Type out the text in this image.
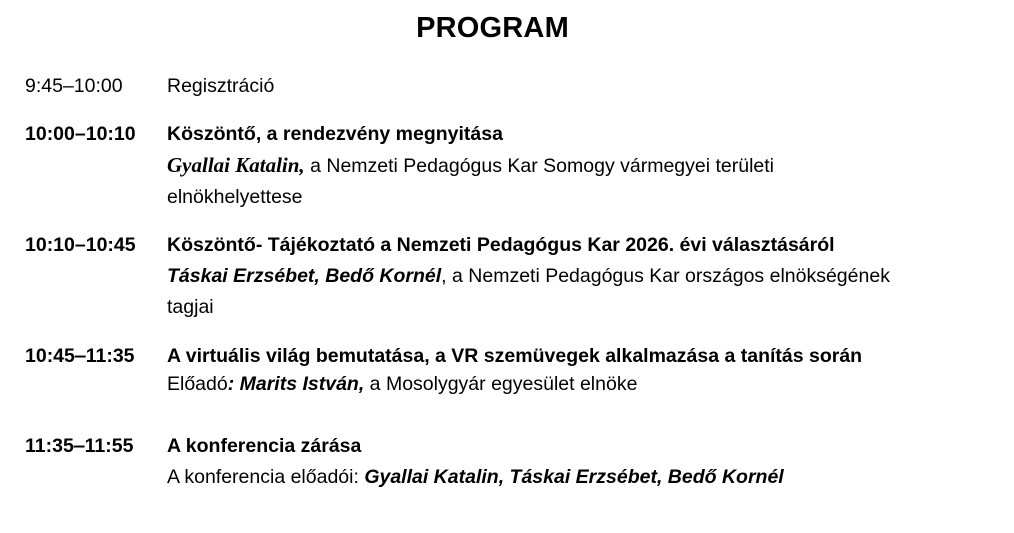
PROGRAM
9:45–10:00	Regisztráció
10:00–10:10	Köszöntő, a rendezvény megnyitása
Gyallai Katalin, a Nemzeti Pedagógus Kar Somogy vármegyei területi
elnökhelyettese
10:10–10:45	Köszöntő- Tájékoztató a Nemzeti Pedagógus Kar 2026. évi választásáról
Táskai Erzsébet, Bedő Kornél, a Nemzeti Pedagógus Kar országos elnökségének
tagjai
10:45‒11:35	A virtuális világ bemutatása, a VR szemüvegek alkalmazása a tanítás során
Előadó: Marits István, a Mosolygyár egyesület elnöke
11:35‒11:55	A konferencia zárása
A konferencia előadói: Gyallai Katalin, Táskai Erzsébet, Bedő Kornél
